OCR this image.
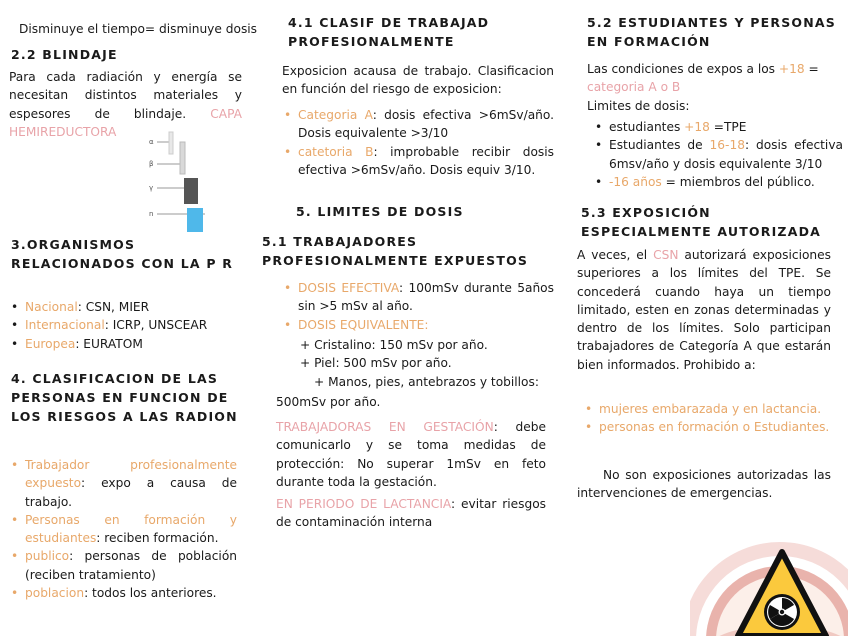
Disminuye el tiempo= disminuye dosis

2.2 BLINDAJE

Para cada radiación y energía se necesitan distintos materiales y espesores de blindaje. CAPA HEMIREDUCTORA

α
β
γ
n
3.ORGANISMOS RELACIONADOS CON LA P R
• Nacional: CSN, MIER
• Internacional: ICRP, UNSCEAR
• Europea: EURATOM
4. CLASIFICACION DE LAS PERSONAS EN FUNCION DE LOS RIESGOS A LAS RADION
• Trabajador profesionalmente expuesto: expo a causa de trabajo.
• Personas en formación y estudiantes: reciben formación.
• publico: personas de población (reciben tratamiento)
• poblacion: todos los anteriores.
4.1 CLASIF DE TRABAJAD PROFESIONALMENTE

Exposicion acausa de trabajo. Clasificacion en función del riesgo de exposicion:

• Categoria A: dosis efectiva >6mSv/año. Dosis equivalente >3/10
• catetoria B: improbable recibir dosis efectiva >6mSv/año. Dosis equiv 3/10.
5. LIMITES DE DOSIS
5.1 TRABAJADORES PROFESIONALMENTE EXPUESTOS
• DOSIS EFECTIVA: 100mSv durante 5años sin >5 mSv al año.
• DOSIS EQUIVALENTE:
+ Cristalino: 150 mSv por año.
+ Piel: 500 mSv por año.
+ Manos, pies, antebrazos y tobillos:
500mSv por año.

TRABAJADORAS EN GESTACIÓN: debe comunicarlo y se toma medidas de protección: No superar 1mSv en feto durante toda la gestación.

EN PERIODO DE LACTANCIA: evitar riesgos de contaminación interna

5.2 ESTUDIANTES Y PERSONAS EN FORMACIÓN

Las condiciones de expos a los +18 =
categoria A o B
Limites de dosis:

• estudiantes +18 =TPE
• Estudiantes de 16-18: dosis efectiva 6msv/año y dosis equivalente 3/10
• -16 años = miembros del público.
5.3 EXPOSICIÓN ESPECIALMENTE AUTORIZADA

A veces, el CSN autorizará exposiciones superiores a los límites del TPE. Se concederá cuando haya un tiempo limitado, esten en zonas determinadas y dentro de los límites. Solo participan trabajadores de Categoría A que estarán bien informados. Prohibido a:

• mujeres embarazada y en lactancia.
• personas en formación o Estudiantes.

No son exposiciones autorizadas las intervenciones de emergencias.
